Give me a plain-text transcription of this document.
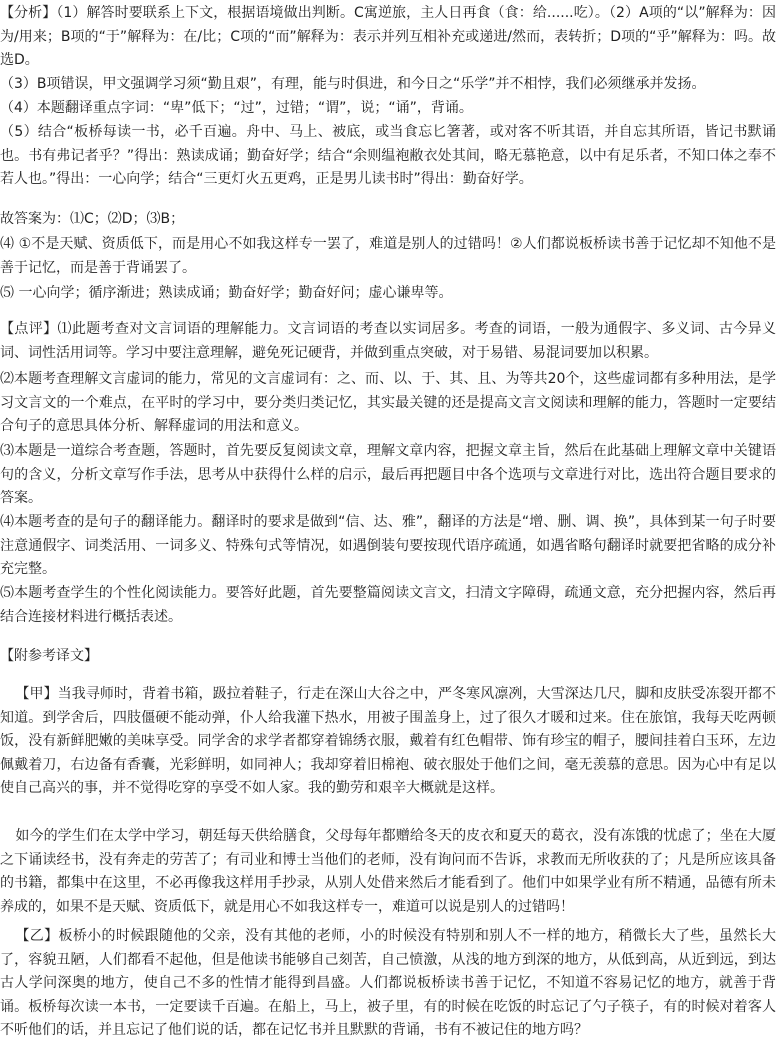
【分析】（1）解答时要联系上下文，根据语境做出判断。C寓逆旅，主人日再食（食：给......吃）。（2）A项的“以”解释为：因为/用来；B项的“于”解释为：在/比；C项的“而”解释为：表示并列互相补充或递进/然而，表转折；D项的“乎”解释为：吗。故选D。
（3）B项错误，甲文强调学习须“勤且艰”，有理，能与时俱进，和今日之“乐学”并不相悖，我们必须继承并发扬。
（4）本题翻译重点字词：“卑”低下；“过”，过错；“谓”，说；“诵”，背诵。
（5）结合“板桥每读一书，必千百遍。舟中、马上、被底，或当食忘匕箸著，或对客不听其语，并自忘其所语，皆记书默诵也。书有弗记者乎？”得出：熟读成诵；勤奋好学；结合“余则缊袍敝衣处其间，略无慕艳意，以中有足乐者，不知口体之奉不若人也。”得出：一心向学；结合“三更灯火五更鸡，正是男儿读书时”得出：勤奋好学。
故答案为：⑴C；⑵D；⑶B；
⑷ ①不是天赋、资质低下，而是用心不如我这样专一罢了，难道是别人的过错吗！②人们都说板桥读书善于记忆却不知他不是善于记忆，而是善于背诵罢了。
⑸ 一心向学；循序渐进；熟读成诵；勤奋好学；勤奋好问；虚心谦卑等。
【点评】⑴此题考查对文言词语的理解能力。文言词语的考查以实词居多。考查的词语，一般为通假字、多义词、古今异义词、词性活用词等。学习中要注意理解，避免死记硬背，并做到重点突破，对于易错、易混词要加以积累。
⑵本题考查理解文言虚词的能力，常见的文言虚词有：之、而、以、于、其、且、为等共20个，这些虚词都有多种用法，是学习文言文的一个难点，在平时的学习中，要分类归类记忆，其实最关键的还是提高文言文阅读和理解的能力，答题时一定要结合句子的意思具体分析、解释虚词的用法和意义。
⑶本题是一道综合考查题，答题时，首先要反复阅读文章，理解文章内容，把握文章主旨，然后在此基础上理解文章中关键语句的含义，分析文章写作手法，思考从中获得什么样的启示，最后再把题目中各个选项与文章进行对比，选出符合题目要求的答案。
⑷本题考查的是句子的翻译能力。翻译时的要求是做到“信、达、雅”，翻译的方法是“增、删、调、换”，具体到某一句子时要注意通假字、词类活用、一词多义、特殊句式等情况，如遇倒装句要按现代语序疏通，如遇省略句翻译时就要把省略的成分补充完整。
⑸本题考查学生的个性化阅读能力。要答好此题，首先要整篇阅读文言文，扫清文字障碍，疏通文意，充分把握内容，然后再结合连接材料进行概括表述。
【附参考译文】
【甲】当我寻师时，背着书箱，趿拉着鞋子，行走在深山大谷之中，严冬寒风凛冽，大雪深达几尺，脚和皮肤受冻裂开都不知道。到学舍后，四肢僵硬不能动弹，仆人给我灌下热水，用被子围盖身上，过了很久才暖和过来。住在旅馆，我每天吃两顿饭，没有新鲜肥嫩的美味享受。同学舍的求学者都穿着锦绣衣服，戴着有红色帽带、饰有珍宝的帽子，腰间挂着白玉环，左边佩戴着刀，右边备有香囊，光彩鲜明，如同神人；我却穿着旧棉袍、破衣服处于他们之间，毫无羡慕的意思。因为心中有足以使自己高兴的事，并不觉得吃穿的享受不如人家。我的勤劳和艰辛大概就是这样。
如今的学生们在太学中学习，朝廷每天供给膳食，父母每年都赠给冬天的皮衣和夏天的葛衣，没有冻饿的忧虑了；坐在大厦之下诵读经书，没有奔走的劳苦了；有司业和博士当他们的老师，没有询问而不告诉，求教而无所收获的了；凡是所应该具备的书籍，都集中在这里，不必再像我这样用手抄录，从别人处借来然后才能看到了。他们中如果学业有所不精通，品德有所未养成的，如果不是天赋、资质低下，就是用心不如我这样专一，难道可以说是别人的过错吗！
【乙】板桥小的时候跟随他的父亲，没有其他的老师，小的时候没有特别和别人不一样的地方，稍微长大了些，虽然长大了，容貌丑陋，人们都看不起他，但是他读书能够自己刻苦，自己愤激，从浅的地方到深的地方，从低到高，从近到远，到达古人学问深奥的地方，使自己不多的性情才能得到昌盛。人们都说板桥读书善于记忆，不知道不容易记忆的地方，就善于背诵。板桥每次读一本书，一定要读千百遍。在船上，马上，被子里，有的时候在吃饭的时忘记了勺子筷子，有的时候对着客人不听他们的话，并且忘记了他们说的话，都在记忆书并且默默的背诵，书有不被记住的地方吗？
